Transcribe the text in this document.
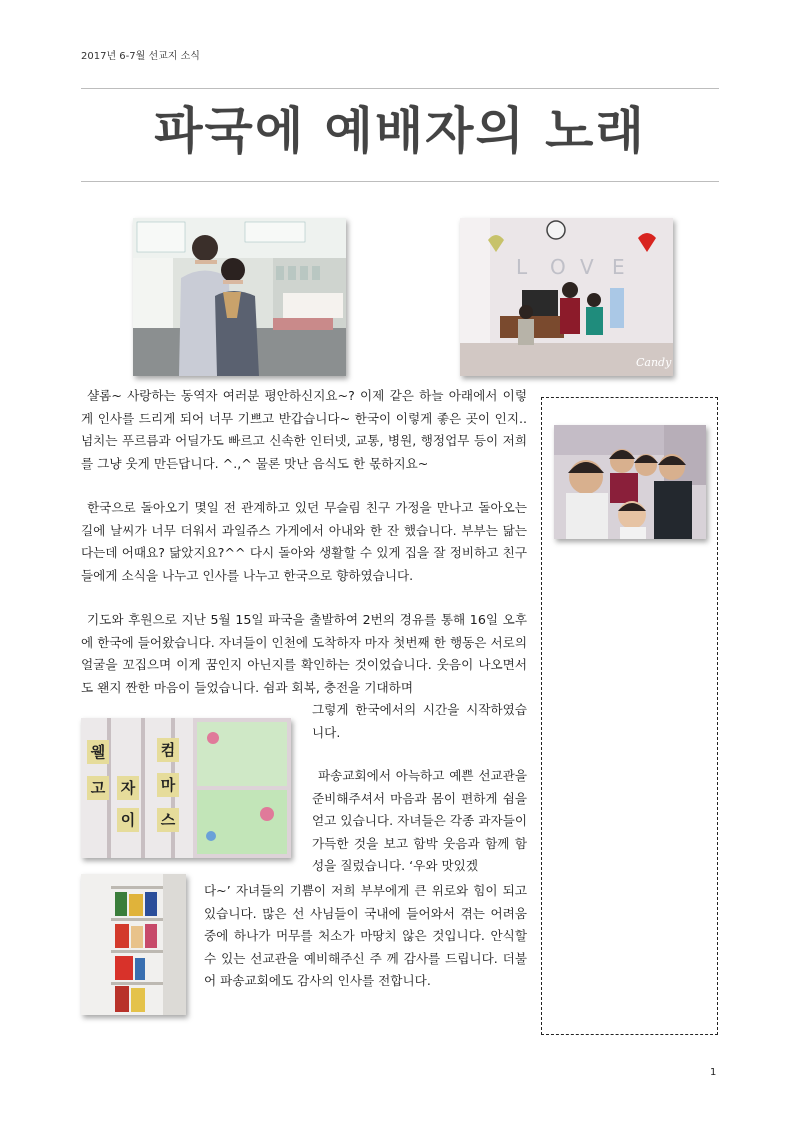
2017년 6-7월 선교지 소식
파국에 예배자의 노래
L O V E
Candy

샬롬~ 사랑하는 동역자 여러분 평안하신지요~? 이제 같은 하늘 아래에서 이렇게 인사를 드리게 되어 너무 기쁘고 반갑습니다~ 한국이 이렇게 좋은 곳이 인지.. 넘치는 푸르름과 어딜가도 빠르고 신속한 인터넷, 교통, 병원, 행정업무 등이 저희를 그냥 웃게 만든답니다. ^.,^ 물론 맛난 음식도 한 몫하지요~

한국으로 돌아오기 몇일 전 관계하고 있던 무슬림 친구 가정을 만나고 돌아오는 길에 날씨가 너무 더워서 과일쥬스 가게에서 아내와 한 잔 했습니다. 부부는 닮는 다는데 어때요? 닮았지요?^^ 다시 돌아와 생활할 수 있게 집을 잘 정비하고 친구들에게 소식을 나누고 인사를 나누고 한국으로 향하였습니다.

기도와 후원으로 지난 5월 15일 파국을 출발하여 2번의 경유를 통해 16일 오후에 한국에 들어왔습니다. 자녀들이 인천에 도착하자 마자 첫번째 한 행동은 서로의 얼굴을 꼬집으며 이게 꿈인지 아닌지를 확인하는 것이었습니다. 웃음이 나오면서도 왠지 짠한 마음이 들었습니다. 쉼과 회복, 충전을 기대하며

그렇게 한국에서의 시간을 시작하였습니다.

웰
고 자
이
컴
마
스

파송교회에서 아늑하고 예쁜 선교관을 준비해주셔서 마음과 몸이 편하게 쉼을 얻고 있습니다. 자녀들은 각종 과자들이 가득한 것을 보고 함박 웃음과 함께 함성을 질렀습니다. ‘우와 맛있겠

다~’ 자녀들의 기쁨이 저희 부부에게 큰 위로와 힘이 되고 있습니다. 많은 선 사님들이 국내에 들어와서 겪는 어려움 중에 하나가 머무를 처소가 마땅치 않은 것입니다. 안식할 수 있는 선교관을 예비해주신 주 께 감사를 드립니다. 더불어 파송교회에도 감사의 인사를 전합니다.

1
